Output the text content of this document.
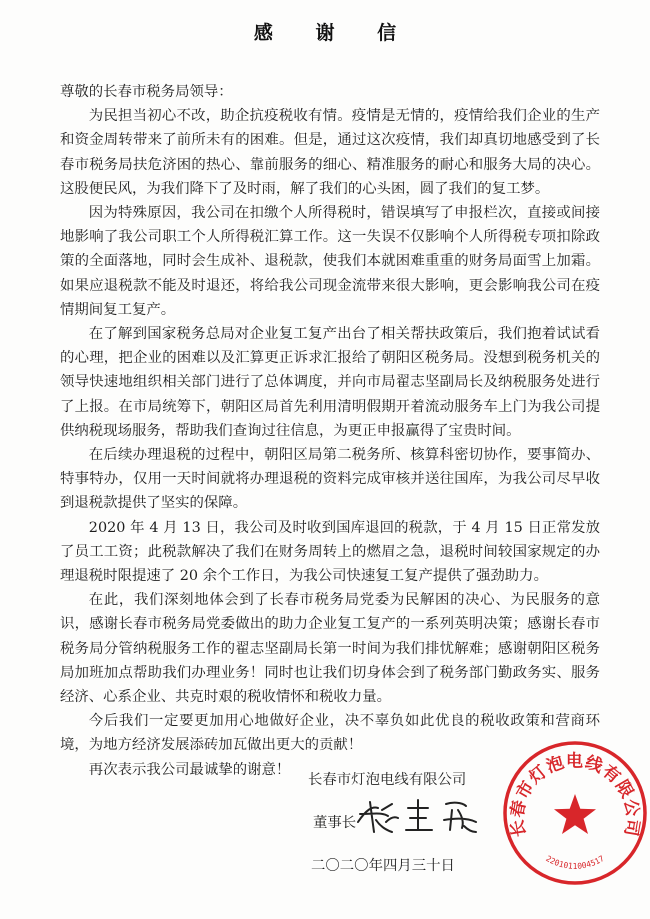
感 谢 信

尊敬的长春市税务局领导：

为民担当初心不改，助企抗疫税收有情。疫情是无情的，疫情给我们企业的生产和资金周转带来了前所未有的困难。但是，通过这次疫情，我们却真切地感受到了长春市税务局扶危济困的热心、靠前服务的细心、精准服务的耐心和服务大局的决心。这股便民风，为我们降下了及时雨，解了我们的心头困，圆了我们的复工梦。

因为特殊原因，我公司在扣缴个人所得税时，错误填写了申报栏次，直接或间接地影响了我公司职工个人所得税汇算工作。这一失误不仅影响个人所得税专项扣除政策的全面落地，同时会生成补、退税款，使我们本就困难重重的财务局面雪上加霜。如果应退税款不能及时退还，将给我公司现金流带来很大影响，更会影响我公司在疫情期间复工复产。

在了解到国家税务总局对企业复工复产出台了相关帮扶政策后，我们抱着试试看的心理，把企业的困难以及汇算更正诉求汇报给了朝阳区税务局。没想到税务机关的领导快速地组织相关部门进行了总体调度，并向市局翟志坚副局长及纳税服务处进行了上报。在市局统筹下，朝阳区局首先利用清明假期开着流动服务车上门为我公司提供纳税现场服务，帮助我们查询过往信息，为更正申报赢得了宝贵时间。

在后续办理退税的过程中，朝阳区局第二税务所、核算科密切协作，要事简办、特事特办，仅用一天时间就将办理退税的资料完成审核并送往国库，为我公司尽早收到退税款提供了坚实的保障。

2020 年 4 月 13 日，我公司及时收到国库退回的税款，于 4 月 15 日正常发放了员工工资；此税款解决了我们在财务周转上的燃眉之急，退税时间较国家规定的办理退税时限提速了 20 余个工作日，为我公司快速复工复产提供了强劲助力。

在此，我们深刻地体会到了长春市税务局党委为民解困的决心、为民服务的意识，感谢长春市税务局党委做出的助力企业复工复产的一系列英明决策；感谢长春市税务局分管纳税服务工作的翟志坚副局长第一时间为我们排忧解难；感谢朝阳区税务局加班加点帮助我们办理业务！同时也让我们切身体会到了税务部门勤政务实、服务经济、心系企业、共克时艰的税收情怀和税收力量。

今后我们一定要更加用心地做好企业，决不辜负如此优良的税收政策和营商环境，为地方经济发展添砖加瓦做出更大的贡献！

再次表示我公司最诚挚的谢意！

长春市灯泡电线有限公司
董事长
二〇二〇年四月三十日
长春市灯泡电线有限公司
2201011004517
